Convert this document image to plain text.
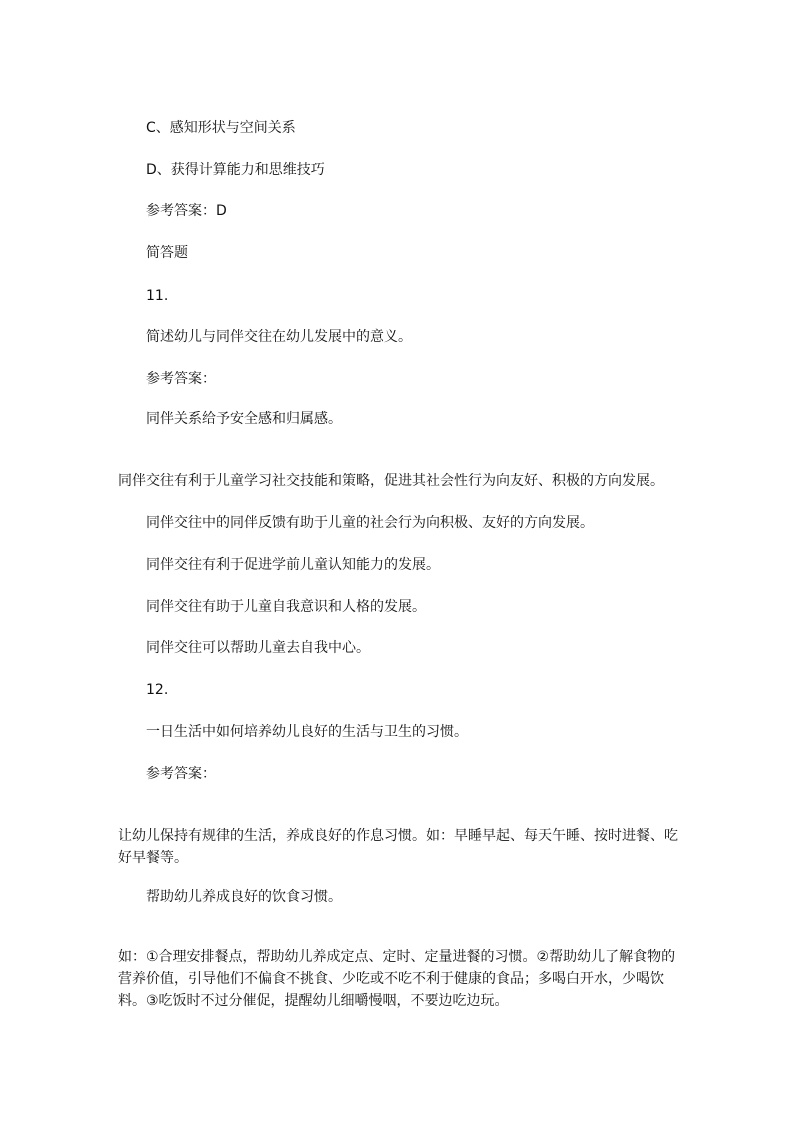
C、感知形状与空间关系
D、获得计算能力和思维技巧
参考答案：D
简答题
11.
简述幼儿与同伴交往在幼儿发展中的意义。
参考答案：
同伴关系给予安全感和归属感。
同伴交往有利于儿童学习社交技能和策略，促进其社会性行为向友好、积极的方向发展。
同伴交往中的同伴反馈有助于儿童的社会行为向积极、友好的方向发展。
同伴交往有利于促进学前儿童认知能力的发展。
同伴交往有助于儿童自我意识和人格的发展。
同伴交往可以帮助儿童去自我中心。
12.
一日生活中如何培养幼儿良好的生活与卫生的习惯。
参考答案：
让幼儿保持有规律的生活，养成良好的作息习惯。如：早睡早起、每天午睡、按时进餐、吃好早餐等。
帮助幼儿养成良好的饮食习惯。
如：①合理安排餐点，帮助幼儿养成定点、定时、定量进餐的习惯。②帮助幼儿了解食物的营养价值，引导他们不偏食不挑食、少吃或不吃不利于健康的食品；多喝白开水，少喝饮料。③吃饭时不过分催促，提醒幼儿细嚼慢咽，不要边吃边玩。
